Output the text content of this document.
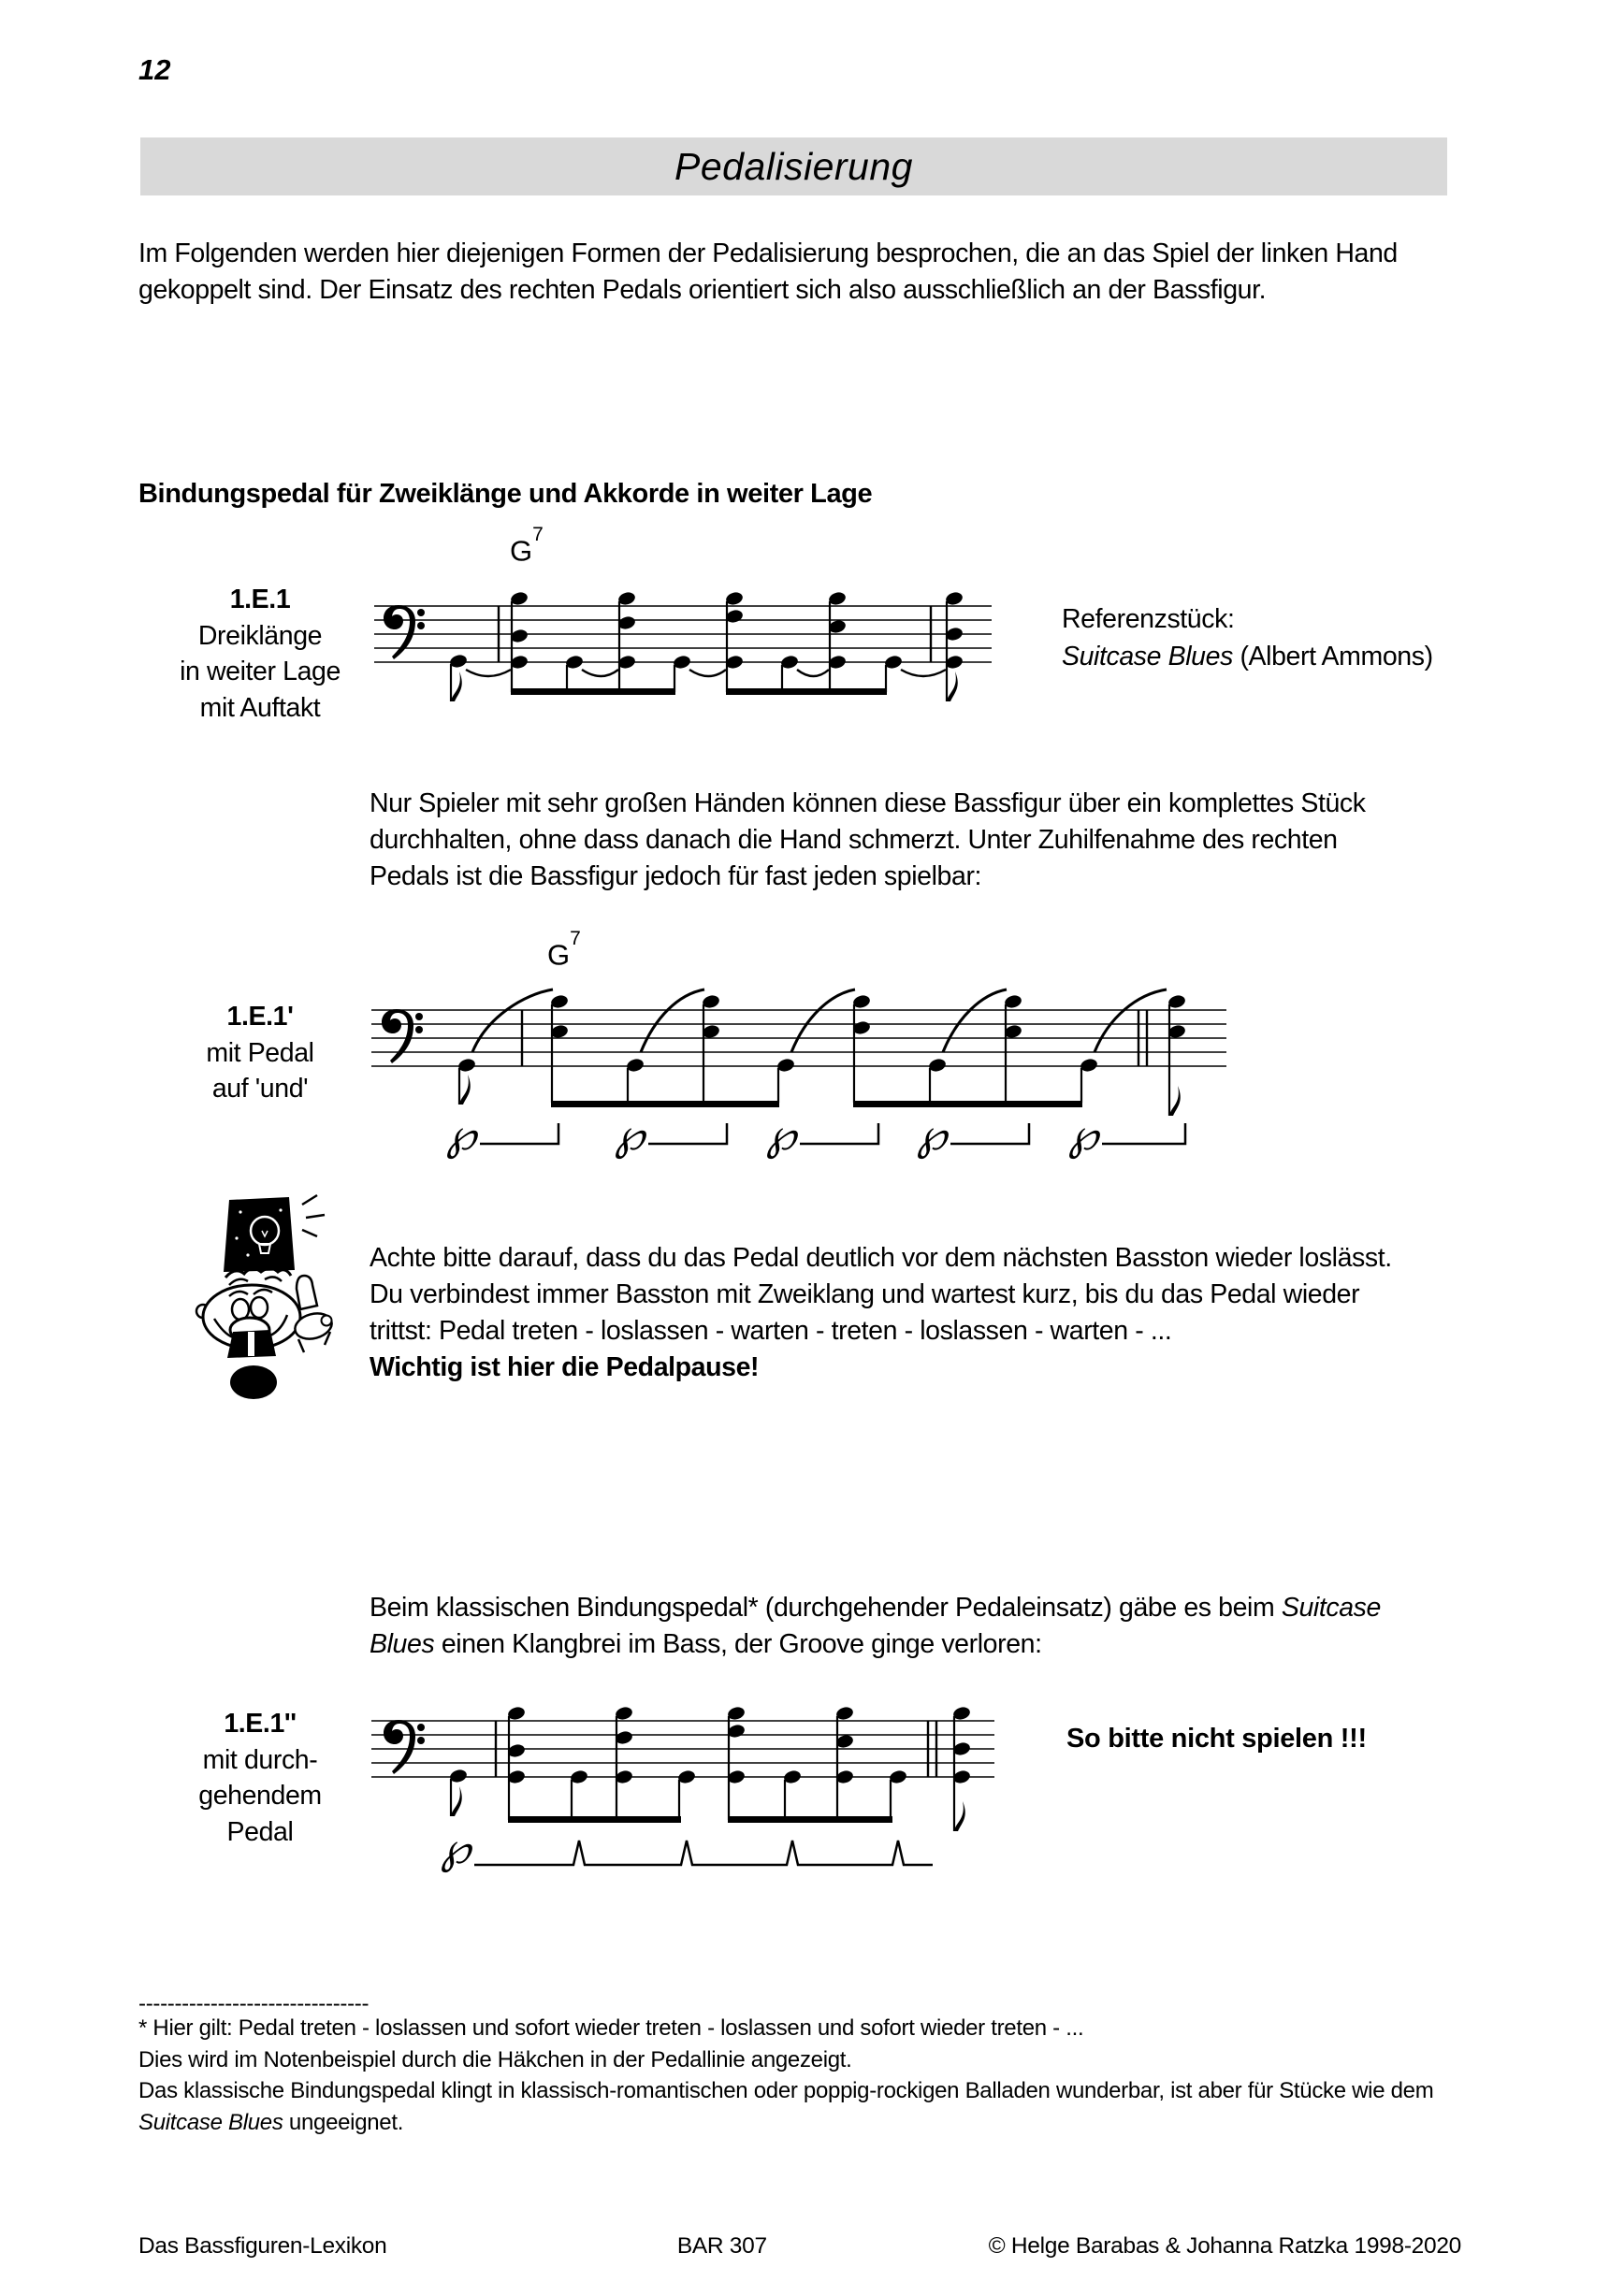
12
Pedalisierung
Im Folgenden werden hier diejenigen Formen der Pedalisierung besprochen, die an das Spiel der linken Hand gekoppelt sind. Der Einsatz des rechten Pedals orientiert sich also ausschließlich an der Bassfigur.
Bindungspedal für Zweiklänge und Akkorde in weiter Lage
1.E.1
Dreiklänge
in weiter Lage
mit Auftakt
$G^7$
Referenzstück:
Suitcase Blues (Albert Ammons)
Nur Spieler mit sehr großen Händen können diese Bassfigur über ein komplettes Stück durchhalten, ohne dass danach die Hand schmerzt. Unter Zuhilfenahme des rechten Pedals ist die Bassfigur jedoch für fast jeden spielbar:
1.E.1'
mit Pedal
auf 'und'
$G^7$
℘	℘	℘	℘	℘
Achte bitte darauf, dass du das Pedal deutlich vor dem nächsten Basston wieder loslässt. Du verbindest immer Basston mit Zweiklang und wartest kurz, bis du das Pedal wieder trittst: Pedal treten - loslassen - warten - treten - loslassen - warten - ...
Wichtig ist hier die Pedalpause!
Beim klassischen Bindungspedal* (durchgehender Pedaleinsatz) gäbe es beim Suitcase Blues einen Klangbrei im Bass, der Groove ginge verloren:
1.E.1''
mit durch-
gehendem
Pedal	℘
So bitte nicht spielen !!!
--------------------------------
* Hier gilt: Pedal treten - loslassen und sofort wieder treten - loslassen und sofort wieder treten - ...
Dies wird im Notenbeispiel durch die Häkchen in der Pedallinie angezeigt.
Das klassische Bindungspedal klingt in klassisch-romantischen oder poppig-rockigen Balladen wunderbar, ist aber für Stücke wie dem Suitcase Blues ungeeignet.
Das Bassfiguren-Lexikon	BAR 307	© Helge Barabas & Johanna Ratzka 1998-2020
